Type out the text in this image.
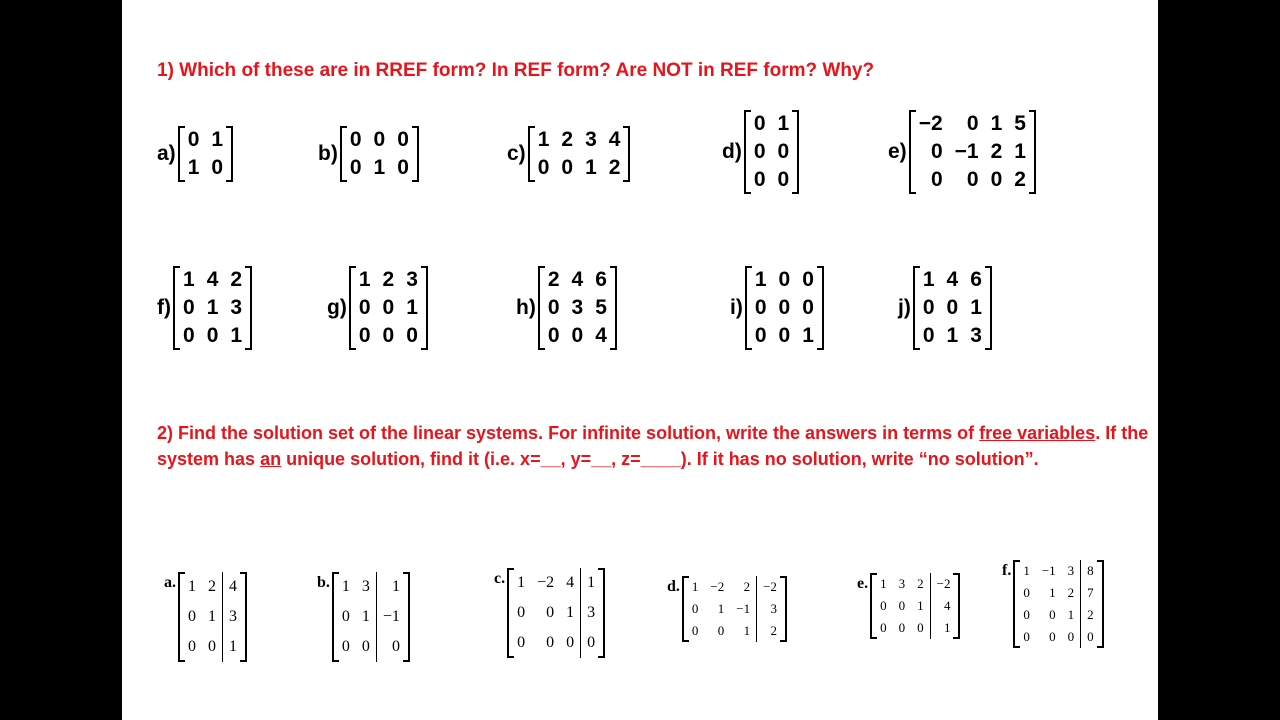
1) Which of these are in RREF form? In REF form? Are NOT in REF form? Why?
2) Find the solution set of the linear systems. For infinite solution, write the answers in terms of free variables. If the
system has an unique solution, find it (i.e. x=__, y=__, z=____). If it has no solution, write “no solution”.
a)
0 1
1 0
b)
0 0 0
0 1 0
c)
1 2 3 4
0 0 1 2
d)
0 1
0 0
0 0
e)
−2	0 1 5
0 −1 2 1
0	0 0 2
f)
1 4 2
0 1 3
0 0 1
g)
1 2 3
0 0 1
0 0 0
h)
2 4 6
0 3 5
0 0 4
i)
1 0 0
0 0 0
0 0 1
j)
1 4 6
0 0 1
0 1 3
a. 1 2 4
0 1 3
0 0 1
b. 1 3	1
0 1 −1
0 0	0
c. 1 −2 4 1
0	0 1 3
0	0 0 0
d. 1 −2	2	−2
0	1 −1	3
0	0	1	2
e. 1 3 2	−2
0 0 1	4
0 0 0	1
f. 1 −1 3	8
0	1 2	7
0	0 1	2
0	0 0	0
